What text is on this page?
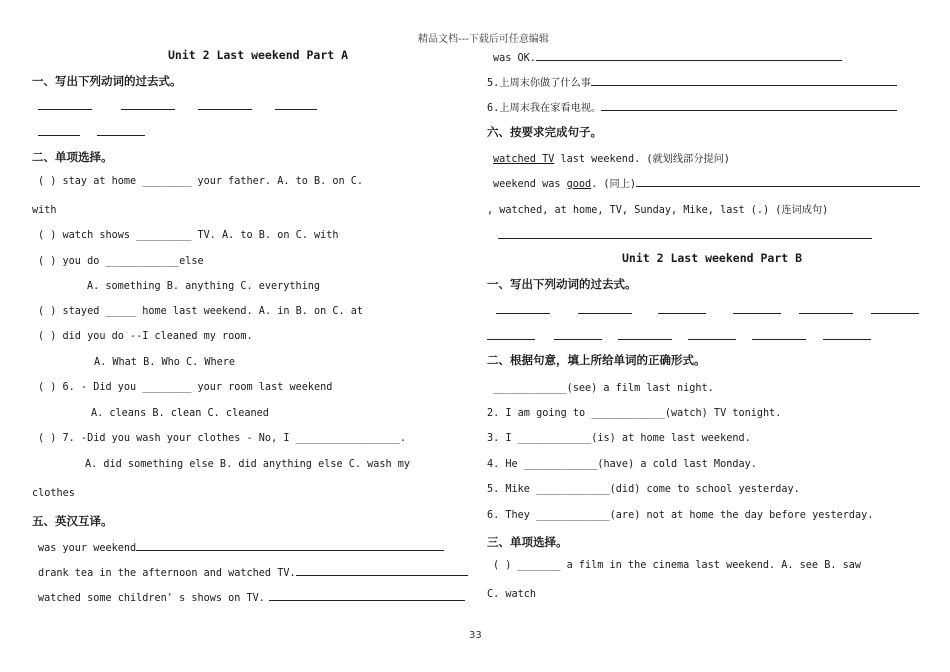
精品文档---下载后可任意编辑
33
Unit 2 Last weekend Part A
一、写出下列动词的过去式。
二、单项选择。
( ) stay at home ________ your father. A. to B. on C.
with
( ) watch shows _________ TV. A. to B. on C. with
( ) you do ____________else
A. something B. anything C. everything
( ) stayed _____ home last weekend. A. in B. on C. at
( ) did you do --I cleaned my room.
A. What B. Who C. Where
( ) 6. - Did you ________ your room last weekend
A. cleans B. clean C. cleaned
( ) 7. -Did you wash your clothes - No, I _________________.
A. did something else B. did anything else C. wash my
clothes
五、英汉互译。
was your weekend
drank tea in the afternoon and watched TV.
watched some children' s shows on TV.
was OK.
5.上周末你做了什么事
6.上周末我在家看电视。
六、按要求完成句子。
watched TV last weekend. (就划线部分提问)
weekend was good. (同上)
, watched, at home, TV, Sunday, Mike, last (.) (连词成句)
Unit 2 Last weekend Part B
一、写出下列动词的过去式。
二、根据句意，填上所给单词的正确形式。
____________(see) a film last night.
2. I am going to ____________(watch) TV tonight.
3. I ____________(is) at home last weekend.
4. He ____________(have) a cold last Monday.
5. Mike ____________(did) come to school yesterday.
6. They ____________(are) not at home the day before yesterday.
三、单项选择。
( ) _______ a film in the cinema last weekend. A. see B. saw
C. watch
